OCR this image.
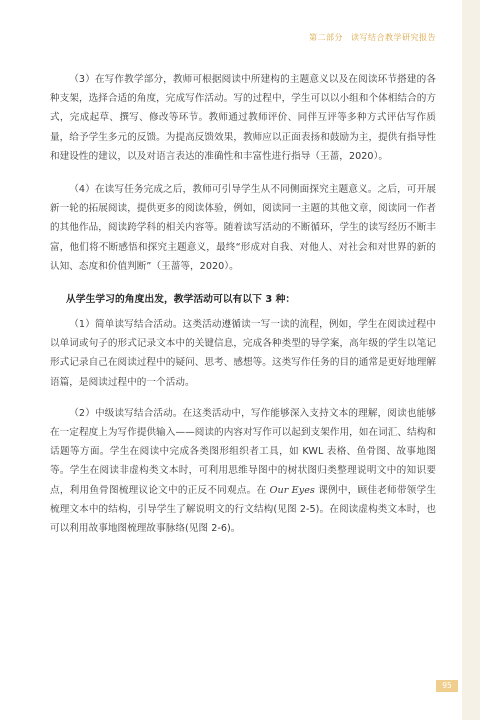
第二部分 读写结合教学研究报告

（3）在写作教学部分，教师可根据阅读中所建构的主题意义以及在阅读环节搭建的各种支架，选择合适的角度，完成写作活动。写的过程中，学生可以以小组和个体相结合的方式，完成起草、撰写、修改等环节。教师通过教师评价、同伴互评等多种方式评估写作质量，给予学生多元的反馈。为提高反馈效果，教师应以正面表扬和鼓励为主，提供有指导性和建设性的建议，以及对语言表达的准确性和丰富性进行指导（王蔷，2020）。

（4）在读写任务完成之后，教师可引导学生从不同侧面探究主题意义。之后，可开展新一轮的拓展阅读，提供更多的阅读体验，例如，阅读同一主题的其他文章，阅读同一作者的其他作品，阅读跨学科的相关内容等。随着读写活动的不断循环，学生的读写经历不断丰富，他们将不断感悟和探究主题意义，最终“形成对自我、对他人、对社会和对世界的新的认知、态度和价值判断”（王蔷等，2020）。

从学生学习的角度出发，教学活动可以有以下 3 种：

（1）简单读写结合活动。这类活动遵循读一写一读的流程，例如，学生在阅读过程中以单词或句子的形式记录文本中的关键信息，完成各种类型的导学案，高年级的学生以笔记形式记录自己在阅读过程中的疑问、思考、感想等。这类写作任务的目的通常是更好地理解语篇，是阅读过程中的一个活动。

（2）中级读写结合活动。在这类活动中，写作能够深入支持文本的理解，阅读也能够在一定程度上为写作提供输入——阅读的内容对写作可以起到支架作用，如在词汇、结构和话题等方面。学生在阅读中完成各类图形组织者工具，如 KWL 表格、鱼骨图、故事地图等。学生在阅读非虚构类文本时，可利用思维导图中的树状图归类整理说明文中的知识要点，利用鱼骨图梳理议论文中的正反不同观点。在 Our Eyes 课例中，顾佳老师带领学生梳理文本中的结构，引导学生了解说明文的行文结构(见图 2-5)。在阅读虚构类文本时，也可以利用故事地图梳理故事脉络(见图 2-6)。

95
